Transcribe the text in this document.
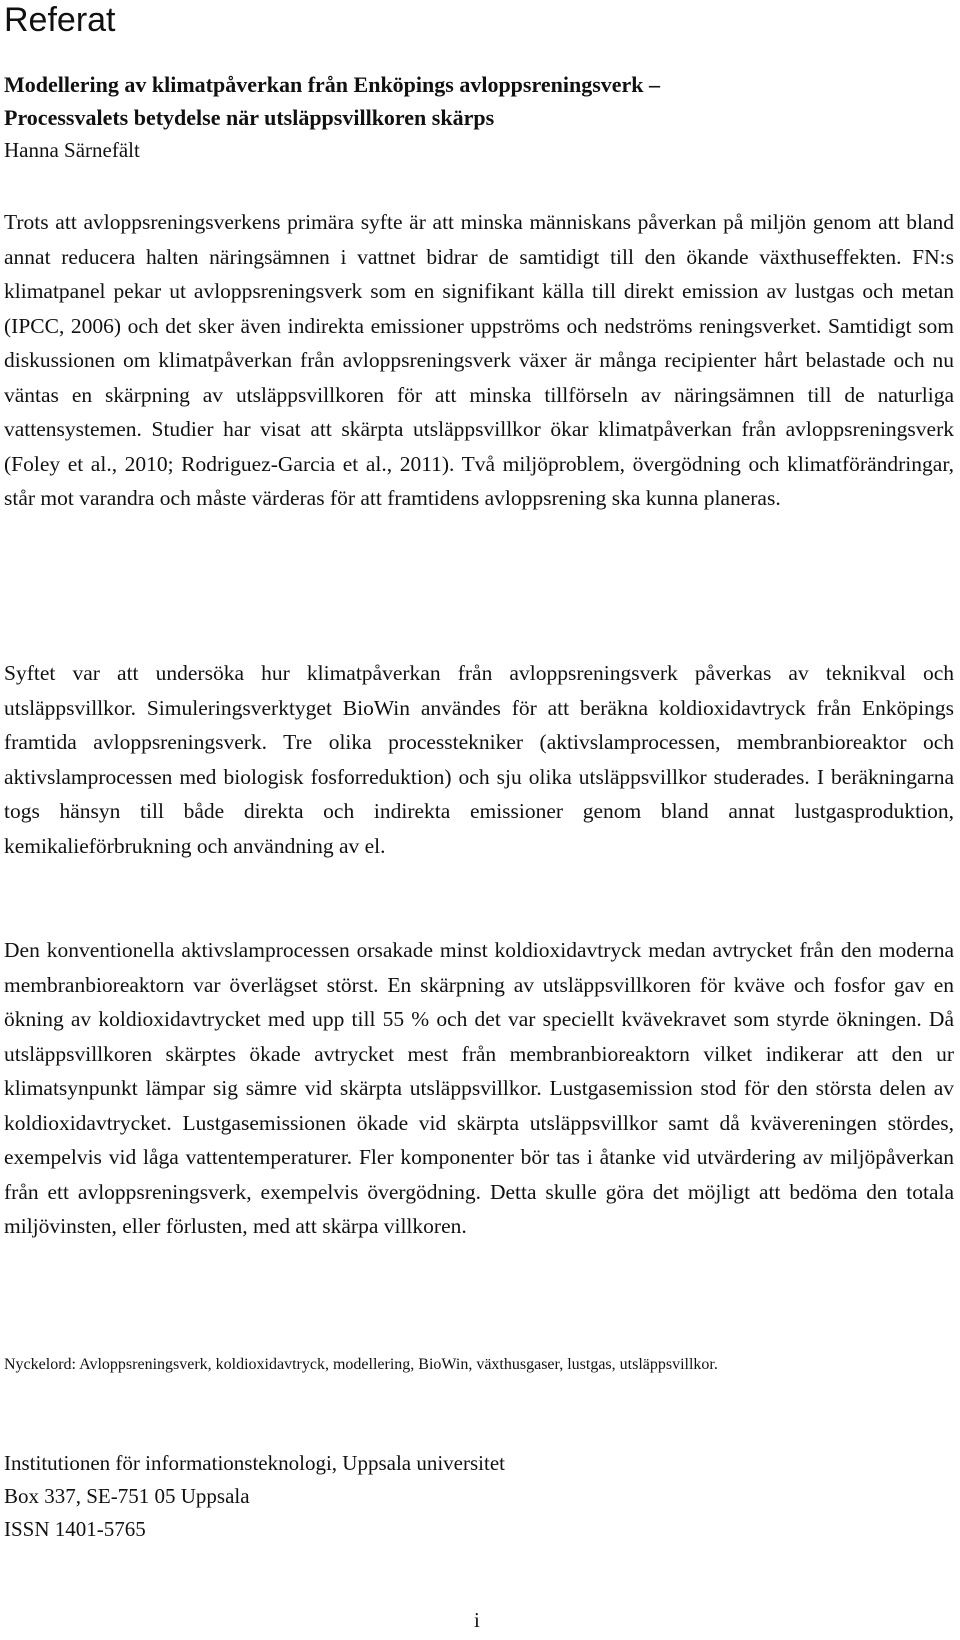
Referat
Modellering av klimatpåverkan från Enköpings avloppsreningsverk –
Processvalets betydelse när utsläppsvillkoren skärps
Hanna Särnefält

Trots att avloppsreningsverkens primära syfte är att minska människans påverkan på miljön genom att bland annat reducera halten näringsämnen i vattnet bidrar de samtidigt till den ökande växthuseffekten. FN:s klimatpanel pekar ut avloppsreningsverk som en signifikant källa till direkt emission av lustgas och metan (IPCC, 2006) och det sker även indirekta emissioner uppströms och nedströms reningsverket. Samtidigt som diskussionen om klimatpåverkan från avloppsreningsverk växer är många recipienter hårt belastade och nu väntas en skärpning av utsläppsvillkoren för att minska tillförseln av näringsämnen till de naturliga vattensystemen. Studier har visat att skärpta utsläppsvillkor ökar klimatpåverkan från avloppsreningsverk (Foley et al., 2010; Rodriguez-Garcia et al., 2011). Två miljöproblem, övergödning och klimatförändringar, står mot varandra och måste värderas för att framtidens avloppsrening ska kunna planeras.

Syftet var att undersöka hur klimatpåverkan från avloppsreningsverk påverkas av teknikval och utsläppsvillkor. Simuleringsverktyget BioWin användes för att beräkna koldioxidavtryck från Enköpings framtida avloppsreningsverk. Tre olika processtekniker (aktivslamprocessen, membranbioreaktor och aktivslamprocessen med biologisk fosforreduktion) och sju olika utsläppsvillkor studerades. I beräkningarna togs hänsyn till både direkta och indirekta emissioner genom bland annat lustgasproduktion, kemikalieförbrukning och användning av el.

Den konventionella aktivslamprocessen orsakade minst koldioxidavtryck medan avtrycket från den moderna membranbioreaktorn var överlägset störst. En skärpning av utsläppsvillkoren för kväve och fosfor gav en ökning av koldioxidavtrycket med upp till 55 % och det var speciellt kvävekravet som styrde ökningen. Då utsläppsvillkoren skärptes ökade avtrycket mest från membranbioreaktorn vilket indikerar att den ur klimatsynpunkt lämpar sig sämre vid skärpta utsläppsvillkor. Lustgasemission stod för den största delen av koldioxidavtrycket. Lustgasemissionen ökade vid skärpta utsläppsvillkor samt då kvävereningen stördes, exempelvis vid låga vattentemperaturer. Fler komponenter bör tas i åtanke vid utvärdering av miljöpåverkan från ett avloppsreningsverk, exempelvis övergödning. Detta skulle göra det möjligt att bedöma den totala miljövinsten, eller förlusten, med att skärpa villkoren.

Nyckelord: Avloppsreningsverk, koldioxidavtryck, modellering, BioWin, växthusgaser, lustgas, utsläppsvillkor.

Institutionen för informationsteknologi, Uppsala universitet
Box 337, SE-751 05 Uppsala
ISSN 1401-5765
i
